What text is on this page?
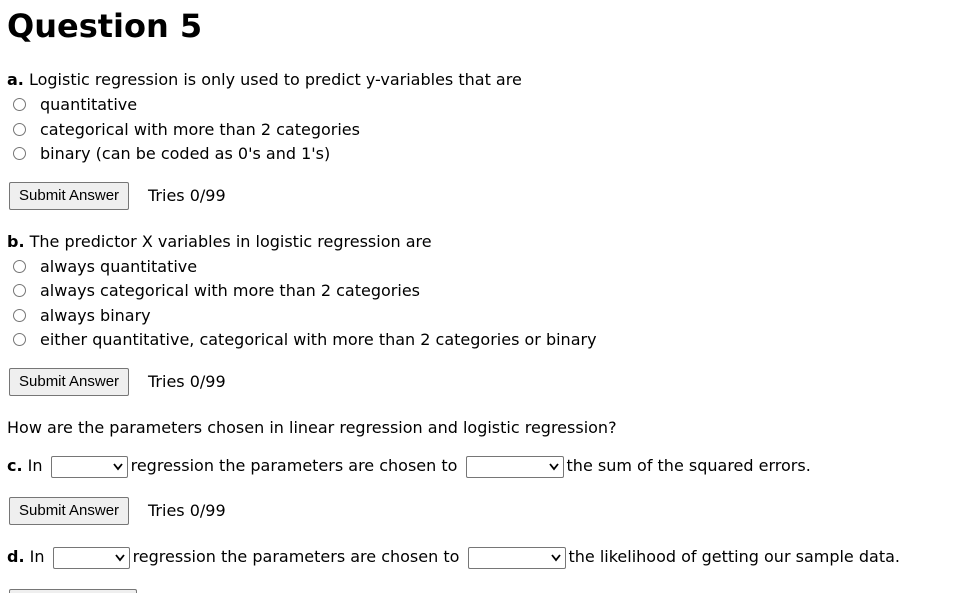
Question 5
a. Logistic regression is only used to predict y-variables that are
quantitative
categorical with more than 2 categories
binary (can be coded as 0's and 1's)
Submit Answer	Tries 0/99
b. The predictor X variables in logistic regression are
always quantitative
always categorical with more than 2 categories
always binary
either quantitative, categorical with more than 2 categories or binary
Submit Answer	Tries 0/99
How are the parameters chosen in linear regression and logistic regression?
c. In	regression the parameters are chosen to	the sum of the squared errors.
Submit Answer	Tries 0/99
d. In	regression the parameters are chosen to	the likelihood of getting our sample data.
